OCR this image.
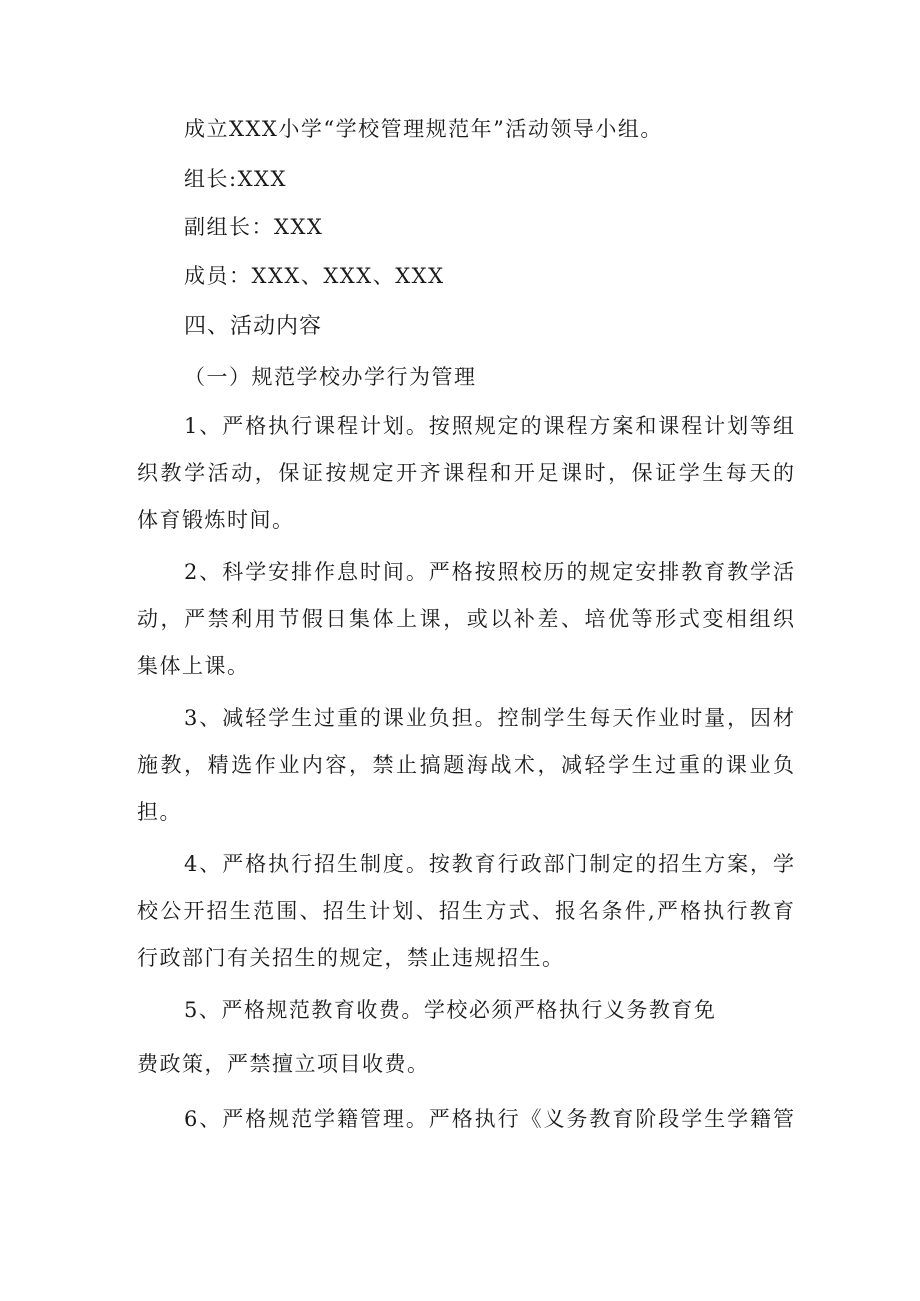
成立XXX小学“学校管理规范年”活动领导小组。
组长:XXX
副组长：XXX
成员：XXX、XXX、XXX
四、活动内容
（一）规范学校办学行为管理
1、严格执行课程计划。按照规定的课程方案和课程计划等组
织教学活动，保证按规定开齐课程和开足课时，保证学生每天的
体育锻炼时间。
2、科学安排作息时间。严格按照校历的规定安排教育教学活
动，严禁利用节假日集体上课，或以补差、培优等形式变相组织
集体上课。
3、减轻学生过重的课业负担。控制学生每天作业时量，因材
施教，精选作业内容，禁止搞题海战术，减轻学生过重的课业负
担。
4、严格执行招生制度。按教育行政部门制定的招生方案，学
校公开招生范围、招生计划、招生方式、报名条件,严格执行教育
行政部门有关招生的规定，禁止违规招生。
5、严格规范教育收费。学校必须严格执行义务教育免
费政策，严禁擅立项目收费。
6、严格规范学籍管理。严格执行《义务教育阶段学生学籍管
